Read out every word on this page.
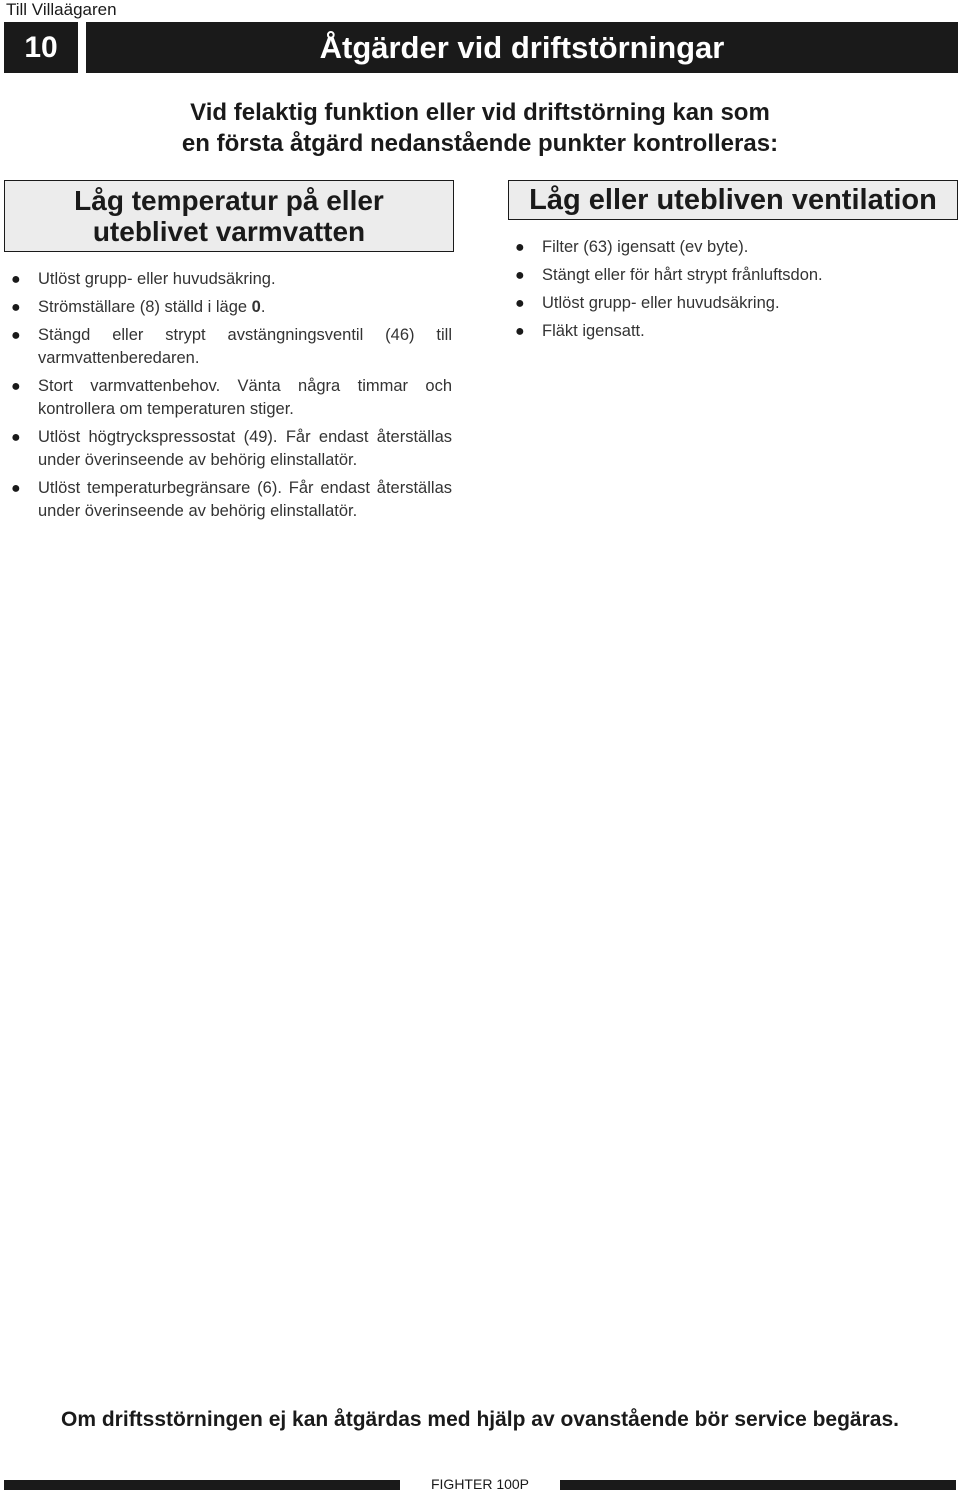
Till Villaägaren
10	Åtgärder vid driftstörningar
Vid felaktig funktion eller vid driftstörning kan som
en första åtgärd nedanstående punkter kontrolleras:
Låg temperatur på eller
uteblivet varmvatten
● Utlöst grupp- eller huvudsäkring.
● Strömställare (8) ställd i läge 0.
● Stängd eller strypt avstängningsventil (46) till varmvattenberedaren.
● Stort varmvattenbehov. Vänta några timmar och kontrollera om temperaturen stiger.
● Utlöst högtryckspressostat (49). Får endast återställas under överinseende av behörig elinstallatör.
● Utlöst temperaturbegränsare (6). Får endast återställas under överinseende av behörig elinstallatör.
Låg eller utebliven ventilation
● Filter (63) igensatt (ev byte).
● Stängt eller för hårt strypt frånluftsdon.
● Utlöst grupp- eller huvudsäkring.
● Fläkt igensatt.
Om driftsstörningen ej kan åtgärdas med hjälp av ovanstående bör service begäras.
FIGHTER 100P
